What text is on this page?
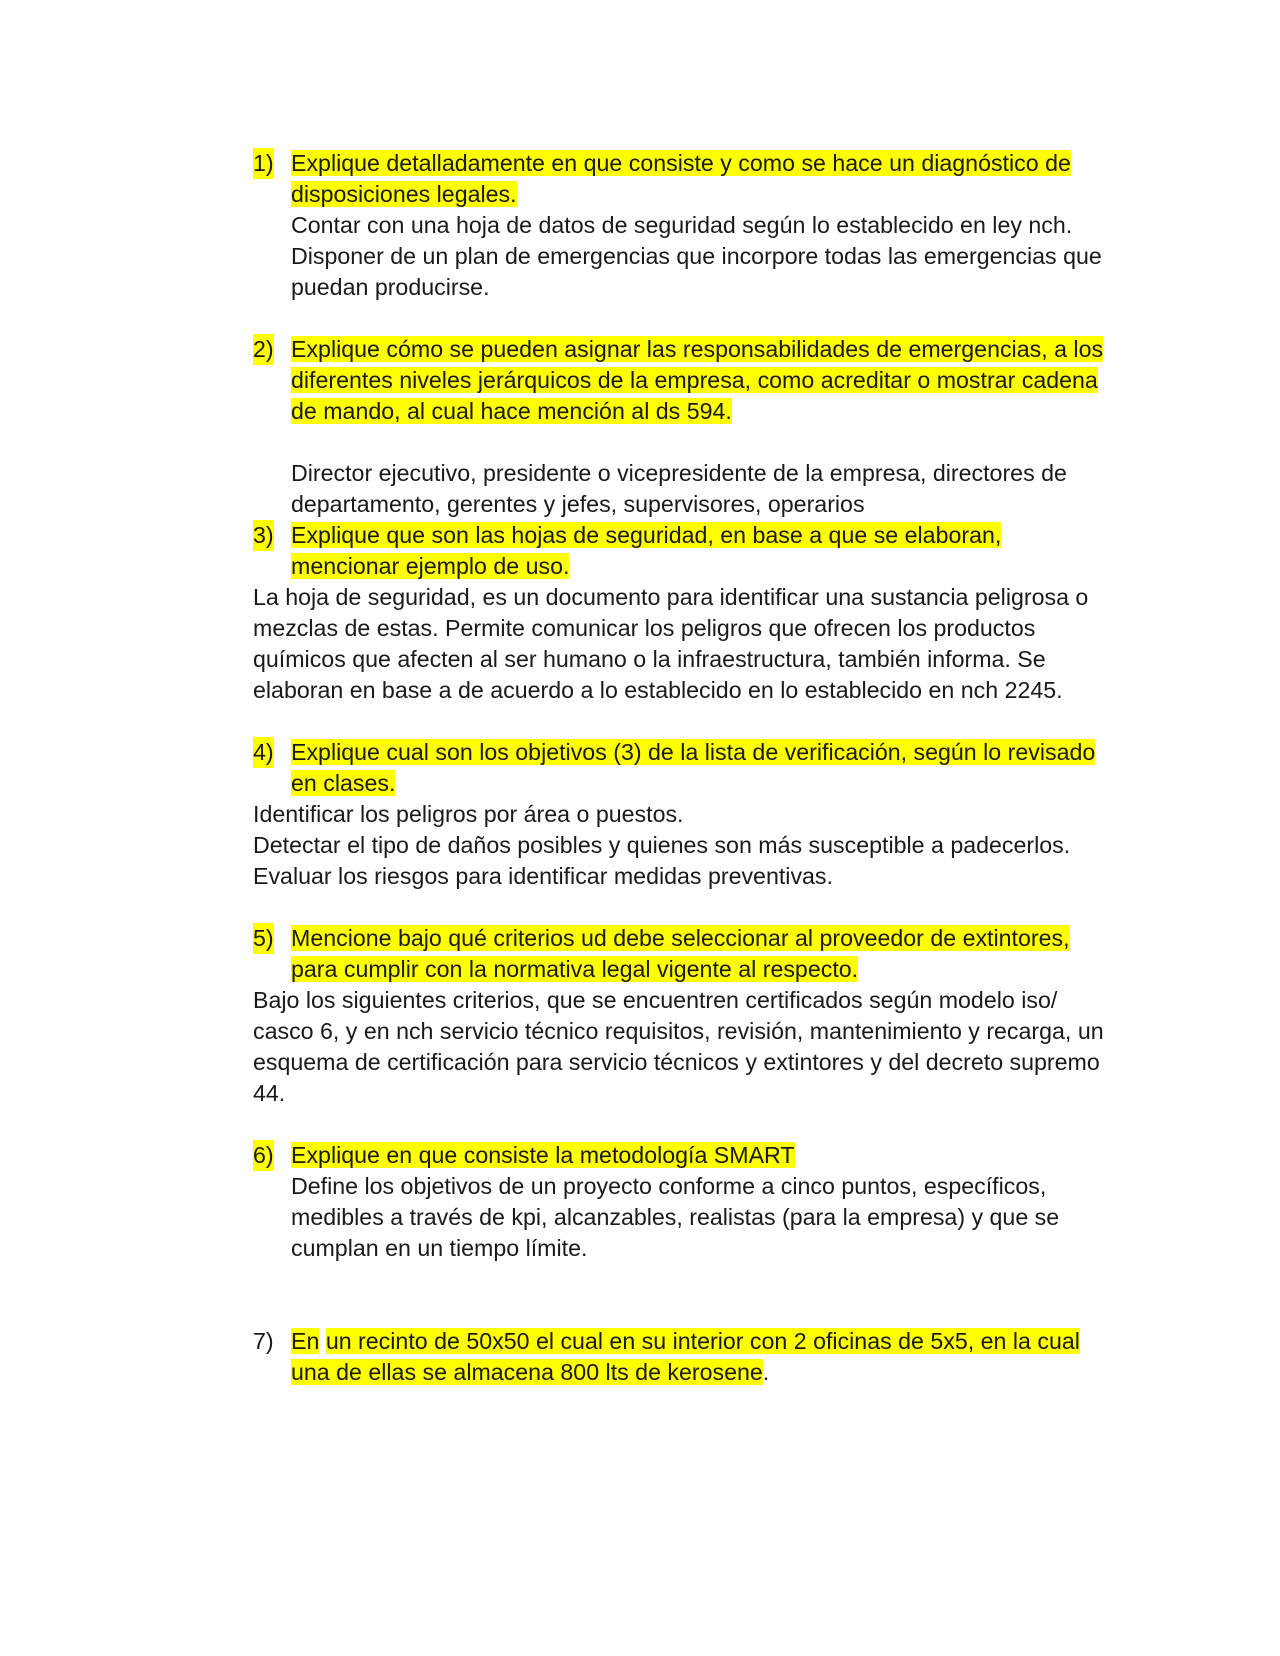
1) Explique detalladamente en que consiste y como se hace un diagnóstico de disposiciones legales.

Contar con una hoja de datos de seguridad según lo establecido en ley nch.

Disponer de un plan de emergencias que incorpore todas las emergencias que puedan producirse.

2) Explique cómo se pueden asignar las responsabilidades de emergencias, a los diferentes niveles jerárquicos de la empresa, como acreditar o mostrar cadena de mando, al cual hace mención al ds 594.

Director ejecutivo, presidente o vicepresidente de la empresa, directores de departamento, gerentes y jefes, supervisores, operarios

3) Explique que son las hojas de seguridad, en base a que se elaboran, mencionar ejemplo de uso.

La hoja de seguridad, es un documento para identificar una sustancia peligrosa o mezclas de estas. Permite comunicar los peligros que ofrecen los productos químicos que afecten al ser humano o la infraestructura, también informa. Se elaboran en base a de acuerdo a lo establecido en lo establecido en nch 2245.

4) Explique cual son los objetivos (3) de la lista de verificación, según lo revisado en clases.

Identificar los peligros por área o puestos.

Detectar el tipo de daños posibles y quienes son más susceptible a padecerlos.

Evaluar los riesgos para identificar medidas preventivas.

5) Mencione bajo qué criterios ud debe seleccionar al proveedor de extintores, para cumplir con la normativa legal vigente al respecto.

Bajo los siguientes criterios, que se encuentren certificados según modelo iso/ casco 6, y en nch servicio técnico requisitos, revisión, mantenimiento y recarga, un esquema de certificación para servicio técnicos y extintores y del decreto supremo 44.

6) Explique en que consiste la metodología SMART

Define los objetivos de un proyecto conforme a cinco puntos, específicos, medibles a través de kpi, alcanzables, realistas (para la empresa) y que se cumplan en un tiempo límite.

7) En un recinto de 50x50 el cual en su interior con 2 oficinas de 5x5, en la cual una de ellas se almacena 800 lts de kerosene.
